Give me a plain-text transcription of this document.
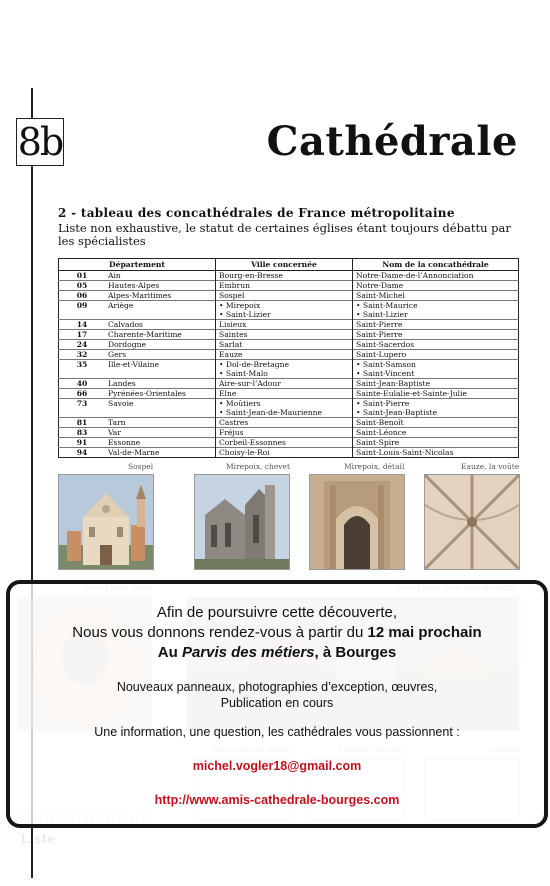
8b	Cathédrale
2 - tableau des concathédrales de France métropolitaine
Liste non exhaustive, le statut de certaines églises étant toujours débattu par les spécialistes
Département		Ville concernée	Nom de la concathédrale
01	Ain	Bourg-en-Bresse	Notre-Dame-de-l’Annonciation
05	Hautes-Alpes	Embrun	Notre-Dame
06	Alpes-Maritimes	Sospel	Saint-Michel
09	Ariège	• Mirepoix	• Saint-Maurice
		• Saint-Lizier	• Saint-Lizier
14	Calvados	Lisieux	Saint-Pierre
17	Charente-Maritime	Saintes	Saint-Pierre
24	Dordogne	Sarlat	Saint-Sacerdos
32	Gers	Eauze	Saint-Lupero
35	Ille-et-Vilaine	• Dol-de-Bretagne	• Saint-Samson
		• Saint-Malo	• Saint-Vincent
40	Landes	Aire-sur-l’Adour	Saint-Jean-Baptiste
66	Pyrénées-Orientales	Elne	Sainte-Eulalie-et-Sainte-Julie
73	Savoie	• Moûtiers	• Saint-Pierre
		• Saint-Jean-de-Maurienne	• Saint-Jean-Baptiste
81	Tarn	Castres	Saint-Benoît
83	Var	Fréjus	Saint-Léonce
91	Essonne	Corbeil-Essonnes	Saint-Spire
94	Val-de-Marne	Choisy-le-Roi	Saint-Louis-Saint-Nicolas
Sospel	Mirepoix, chevet	Mirepoix, détail	Eauze, la voûte
Liste
Afin de poursuivre cette découverte,
Nous vous donnons rendez-vous à partir du 12 mai prochain
Au Parvis des métiers, à Bourges
Nouveaux panneaux, photographies d’exception, œuvres,
Publication en cours
Une information, une question, les cathédrales vous passionnent :
michel.vogler18@gmail.com
http://www.amis-cathedrale-bourges.com
